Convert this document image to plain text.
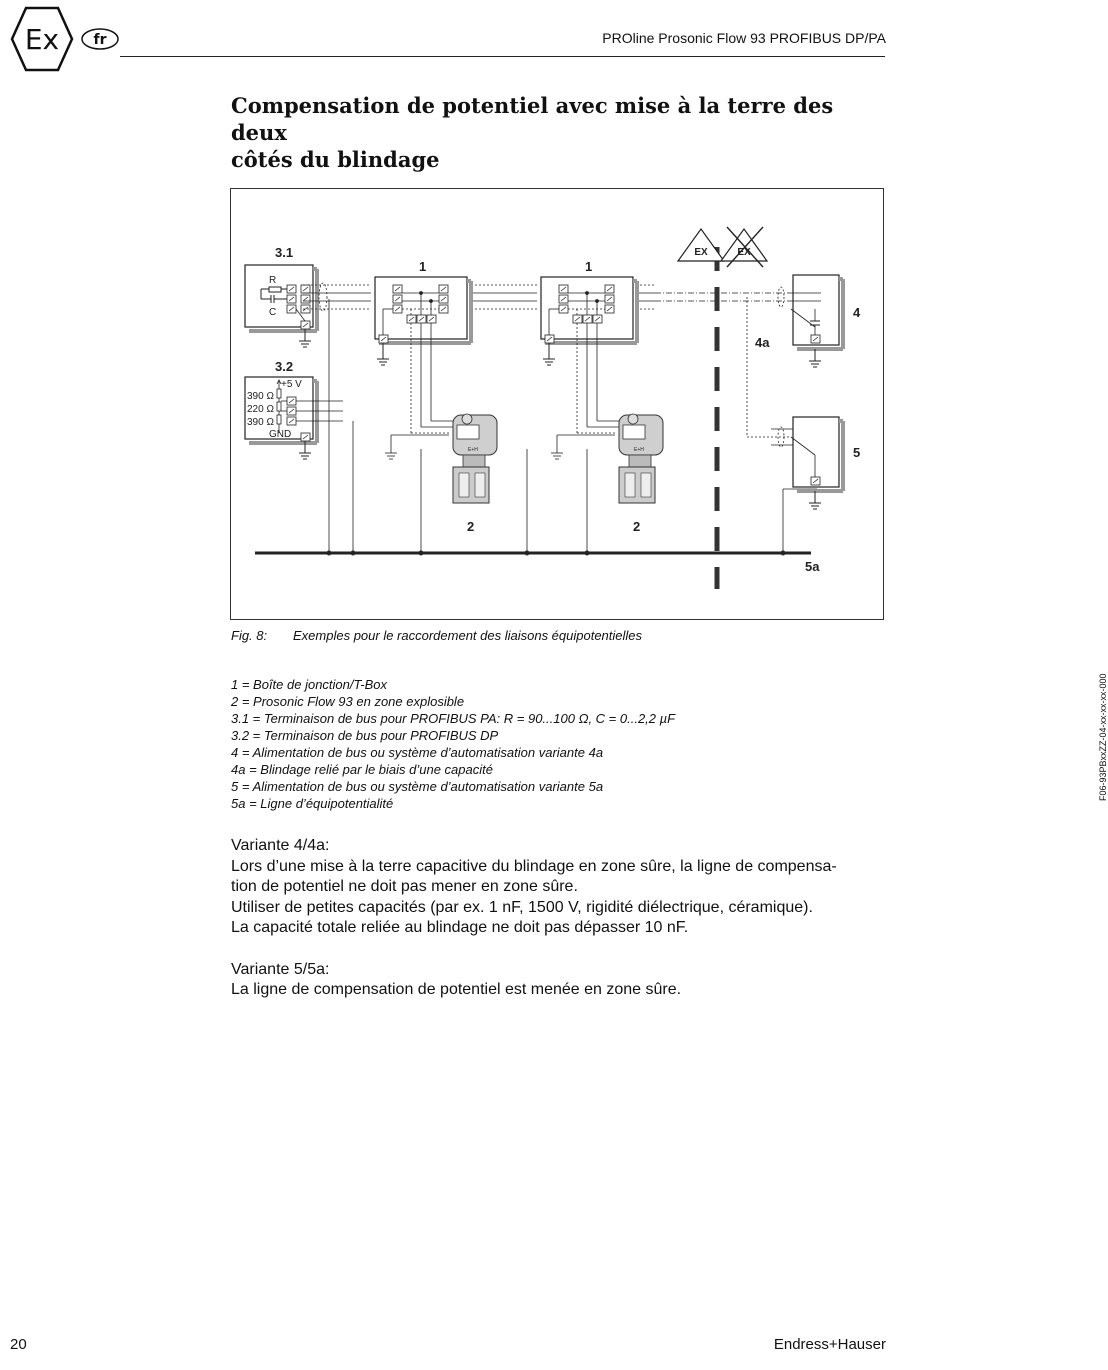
Ex fr	PROline Prosonic Flow 93 PROFIBUS DP/PA
Compensation de potentiel avec mise à la terre des deux
côtés du blindage
E+H	E+H
EX	EX
3.1
3.2
1	1
2	2
4
4a
5
5a
R
C
+5 V
390 Ω
220 Ω
390 Ω
GND
F06-93PBxxZZ-04-xx-xx-xx-000
Fig. 8: Exemples pour le raccordement des liaisons équipotentielles
1 = Boîte de jonction/T-Box
2 = Prosonic Flow 93 en zone explosible
3.1 = Terminaison de bus pour PROFIBUS PA: R = 90...100 Ω, C = 0...2,2 µF
3.2 = Terminaison de bus pour PROFIBUS DP
4 = Alimentation de bus ou système d’automatisation variante 4a
4a = Blindage relié par le biais d’une capacité
5 = Alimentation de bus ou système d’automatisation variante 5a
5a = Ligne d’équipotentialité

Variante 4/4a:

Lors d’une mise à la terre capacitive du blindage en zone sûre, la ligne de compensa-

tion de potentiel ne doit pas mener en zone sûre.

Utiliser de petites capacités (par ex. 1 nF, 1500 V, rigidité diélectrique, céramique).

La capacité totale reliée au blindage ne doit pas dépasser 10 nF.

Variante 5/5a:

La ligne de compensation de potentiel est menée en zone sûre.

20	Endress+Hauser
